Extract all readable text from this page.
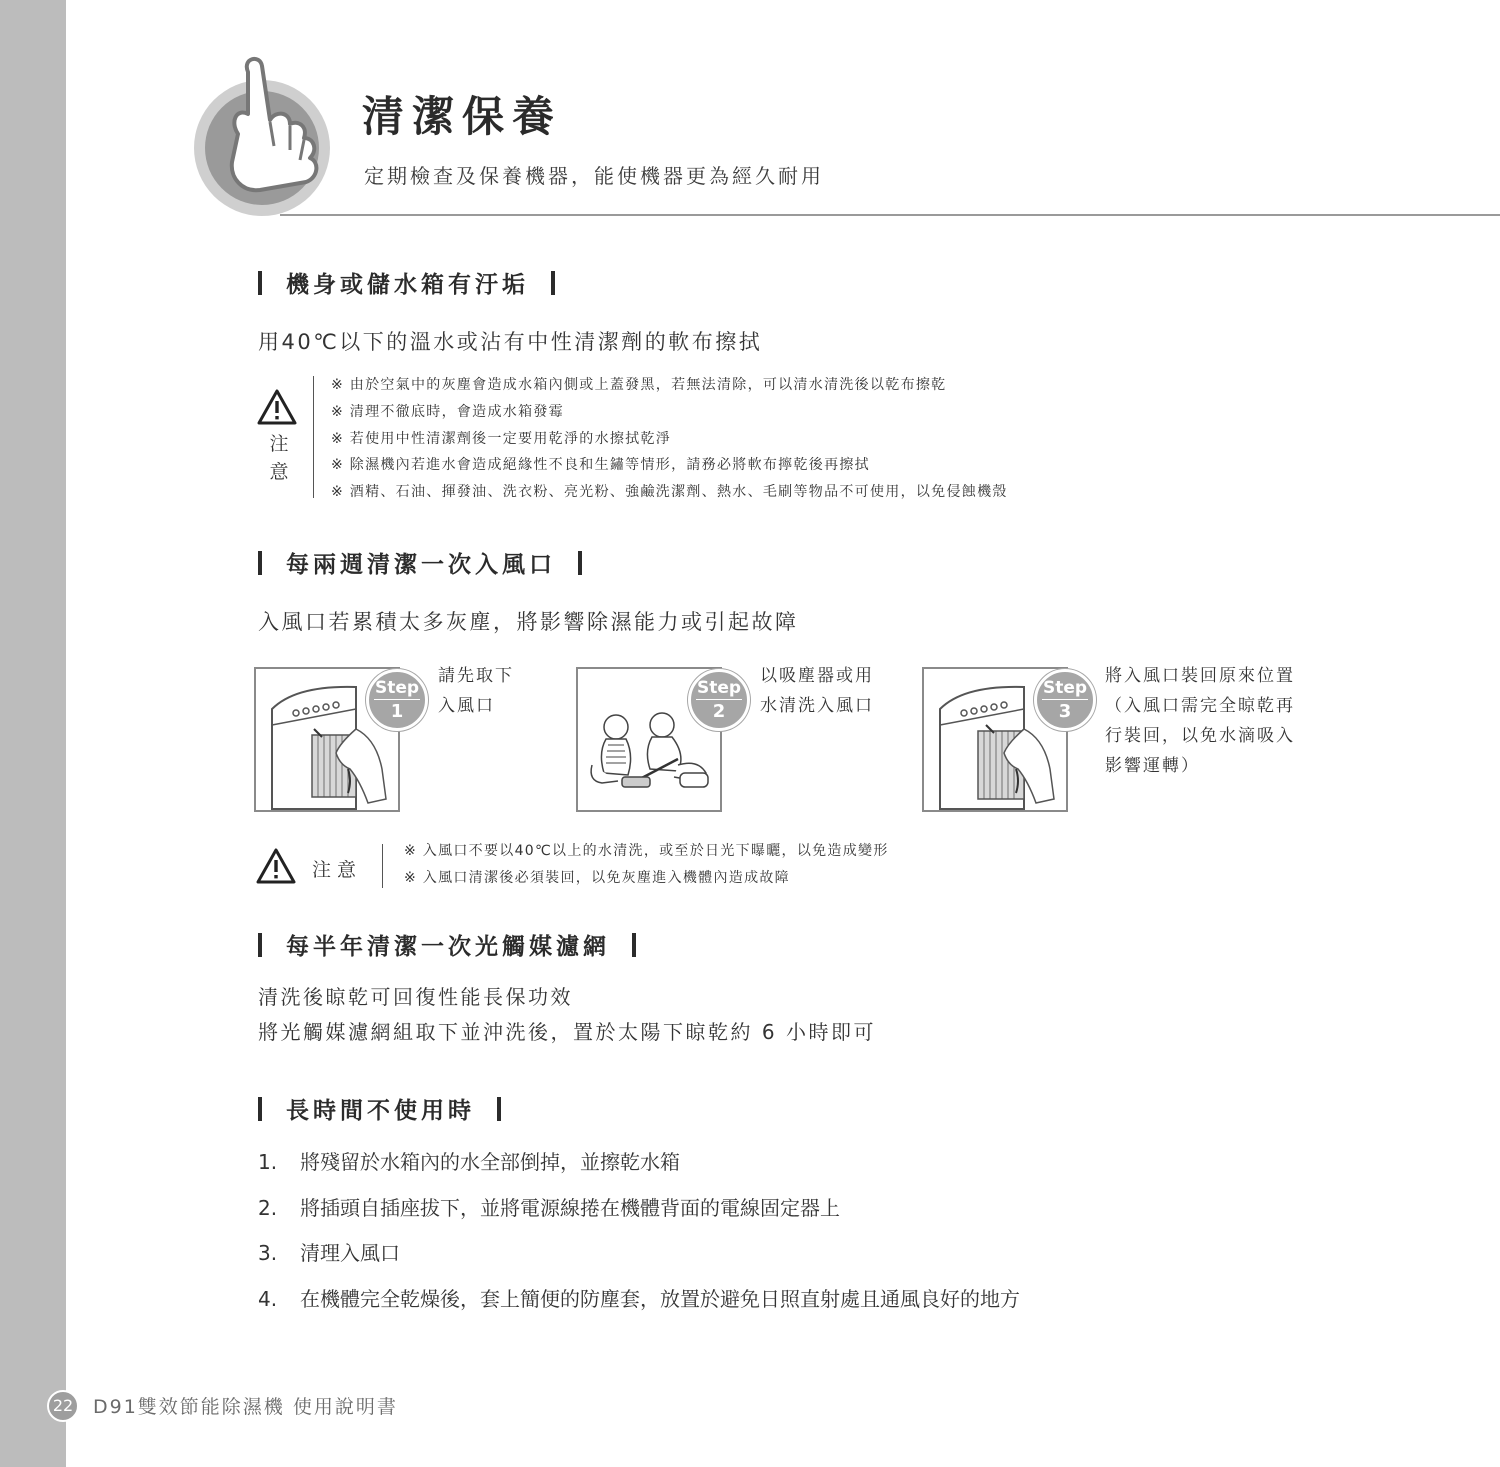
清潔保養
定期檢查及保養機器，能使機器更為經久耐用
機身或儲水箱有汙垢
用40℃以下的溫水或沾有中性清潔劑的軟布擦拭
注
意
※ 由於空氣中的灰塵會造成水箱內側或上蓋發黑，若無法清除，可以清水清洗後以乾布擦乾
※ 清理不徹底時，會造成水箱發霉
※ 若使用中性清潔劑後一定要用乾淨的水擦拭乾淨
※ 除濕機內若進水會造成絕緣性不良和生鏽等情形，請務必將軟布擰乾後再擦拭
※ 酒精、石油、揮發油、洗衣粉、亮光粉、強鹼洗潔劑、熱水、毛刷等物品不可使用，以免侵蝕機殼
每兩週清潔一次入風口
入風口若累積太多灰塵，將影響除濕能力或引起故障
Step
1
請先取下
入風口
Step
2
以吸塵器或用
水清洗入風口
Step
3
將入風口裝回原來位置
（入風口需完全晾乾再
行裝回，以免水滴吸入
影響運轉）
注意
※ 入風口不要以40℃以上的水清洗，或至於日光下曝曬，以免造成變形
※ 入風口清潔後必須裝回，以免灰塵進入機體內造成故障
每半年清潔一次光觸媒濾網

清洗後晾乾可回復性能長保功效

將光觸媒濾網組取下並沖洗後，置於太陽下晾乾約 6 小時即可

長時間不使用時
1.	將殘留於水箱內的水全部倒掉，並擦乾水箱
2.	將插頭自插座拔下，並將電源線捲在機體背面的電線固定器上
3.	清理入風口
4.	在機體完全乾燥後，套上簡便的防塵套，放置於避免日照直射處且通風良好的地方
22	D91雙效節能除濕機 使用說明書
